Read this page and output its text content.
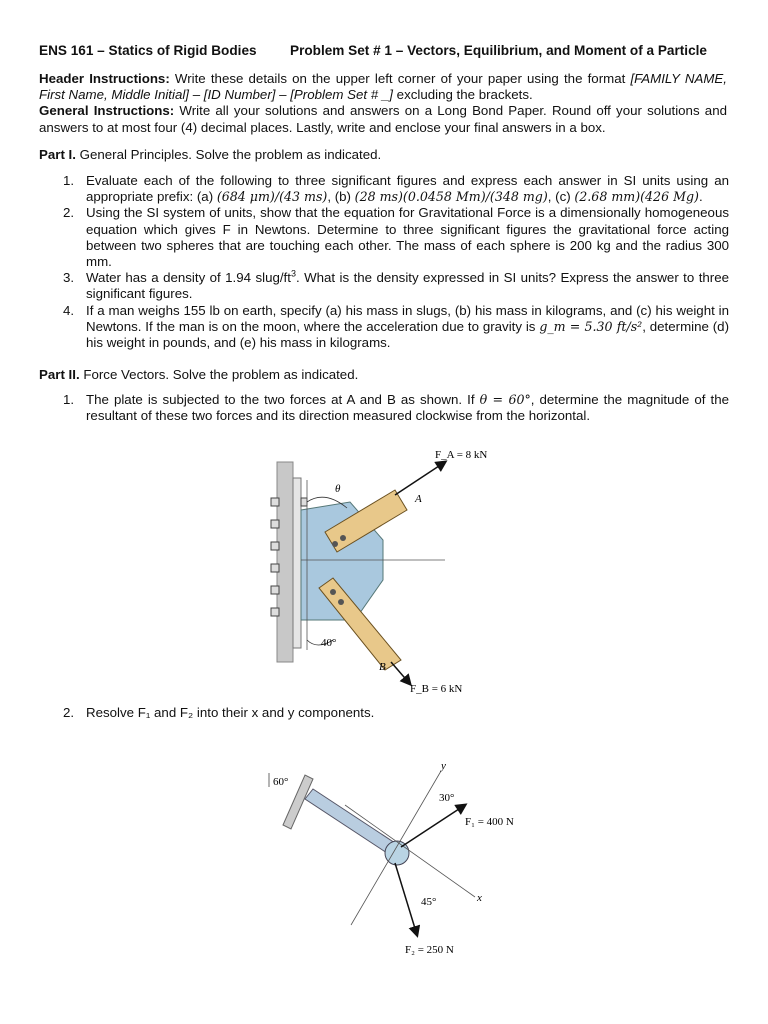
ENS 161 – Statics of Rigid Bodies Problem Set # 1 – Vectors, Equilibrium, and Moment of a Particle

Header Instructions: Write these details on the upper left corner of your paper using the format [FAMILY NAME, First Name, Middle Initial] – [ID Number] – [Problem Set # _] excluding the brackets.

General Instructions: Write all your solutions and answers on a Long Bond Paper. Round off your solutions and answers to at most four (4) decimal places. Lastly, write and enclose your final answers in a box.

Part I. General Principles. Solve the problem as indicated.

1. Evaluate each of the following to three significant figures and express each answer in SI units using an appropriate prefix: (a) (684 μm)/(43 ms), (b) (28 ms)(0.0458 Mm)/(348 mg), (c) (2.68 mm)(426 Mg).

2. Using the SI system of units, show that the equation for Gravitational Force is a dimensionally homogeneous equation which gives F in Newtons. Determine to three significant figures the gravitational force acting between two spheres that are touching each other. The mass of each sphere is 200 kg and the radius 300 mm.

3. Water has a density of 1.94 slug/$ft^3$. What is the density expressed in SI units? Express the answer to three significant figures.

4. If a man weighs 155 lb on earth, specify (a) his mass in slugs, (b) his mass in kilograms, and (c) his weight in Newtons. If the man is on the moon, where the acceleration due to gravity is g_m = 5.30 ft/s², determine (d) his weight in pounds, and (e) his mass in kilograms.

Part II. Force Vectors. Solve the problem as indicated.

1. The plate is subjected to the two forces at A and B as shown. If θ = 60°, determine the magnitude of the resultant of these two forces and its direction measured clockwise from the horizontal.

2. Resolve F₁ and F₂ into their x and y components.

F_A = 8 kN
F_B = 6 kN
θ
40°
A
B
60°
y
x
F₁ = 400 N
F₂ = 250 N
30°
45°
